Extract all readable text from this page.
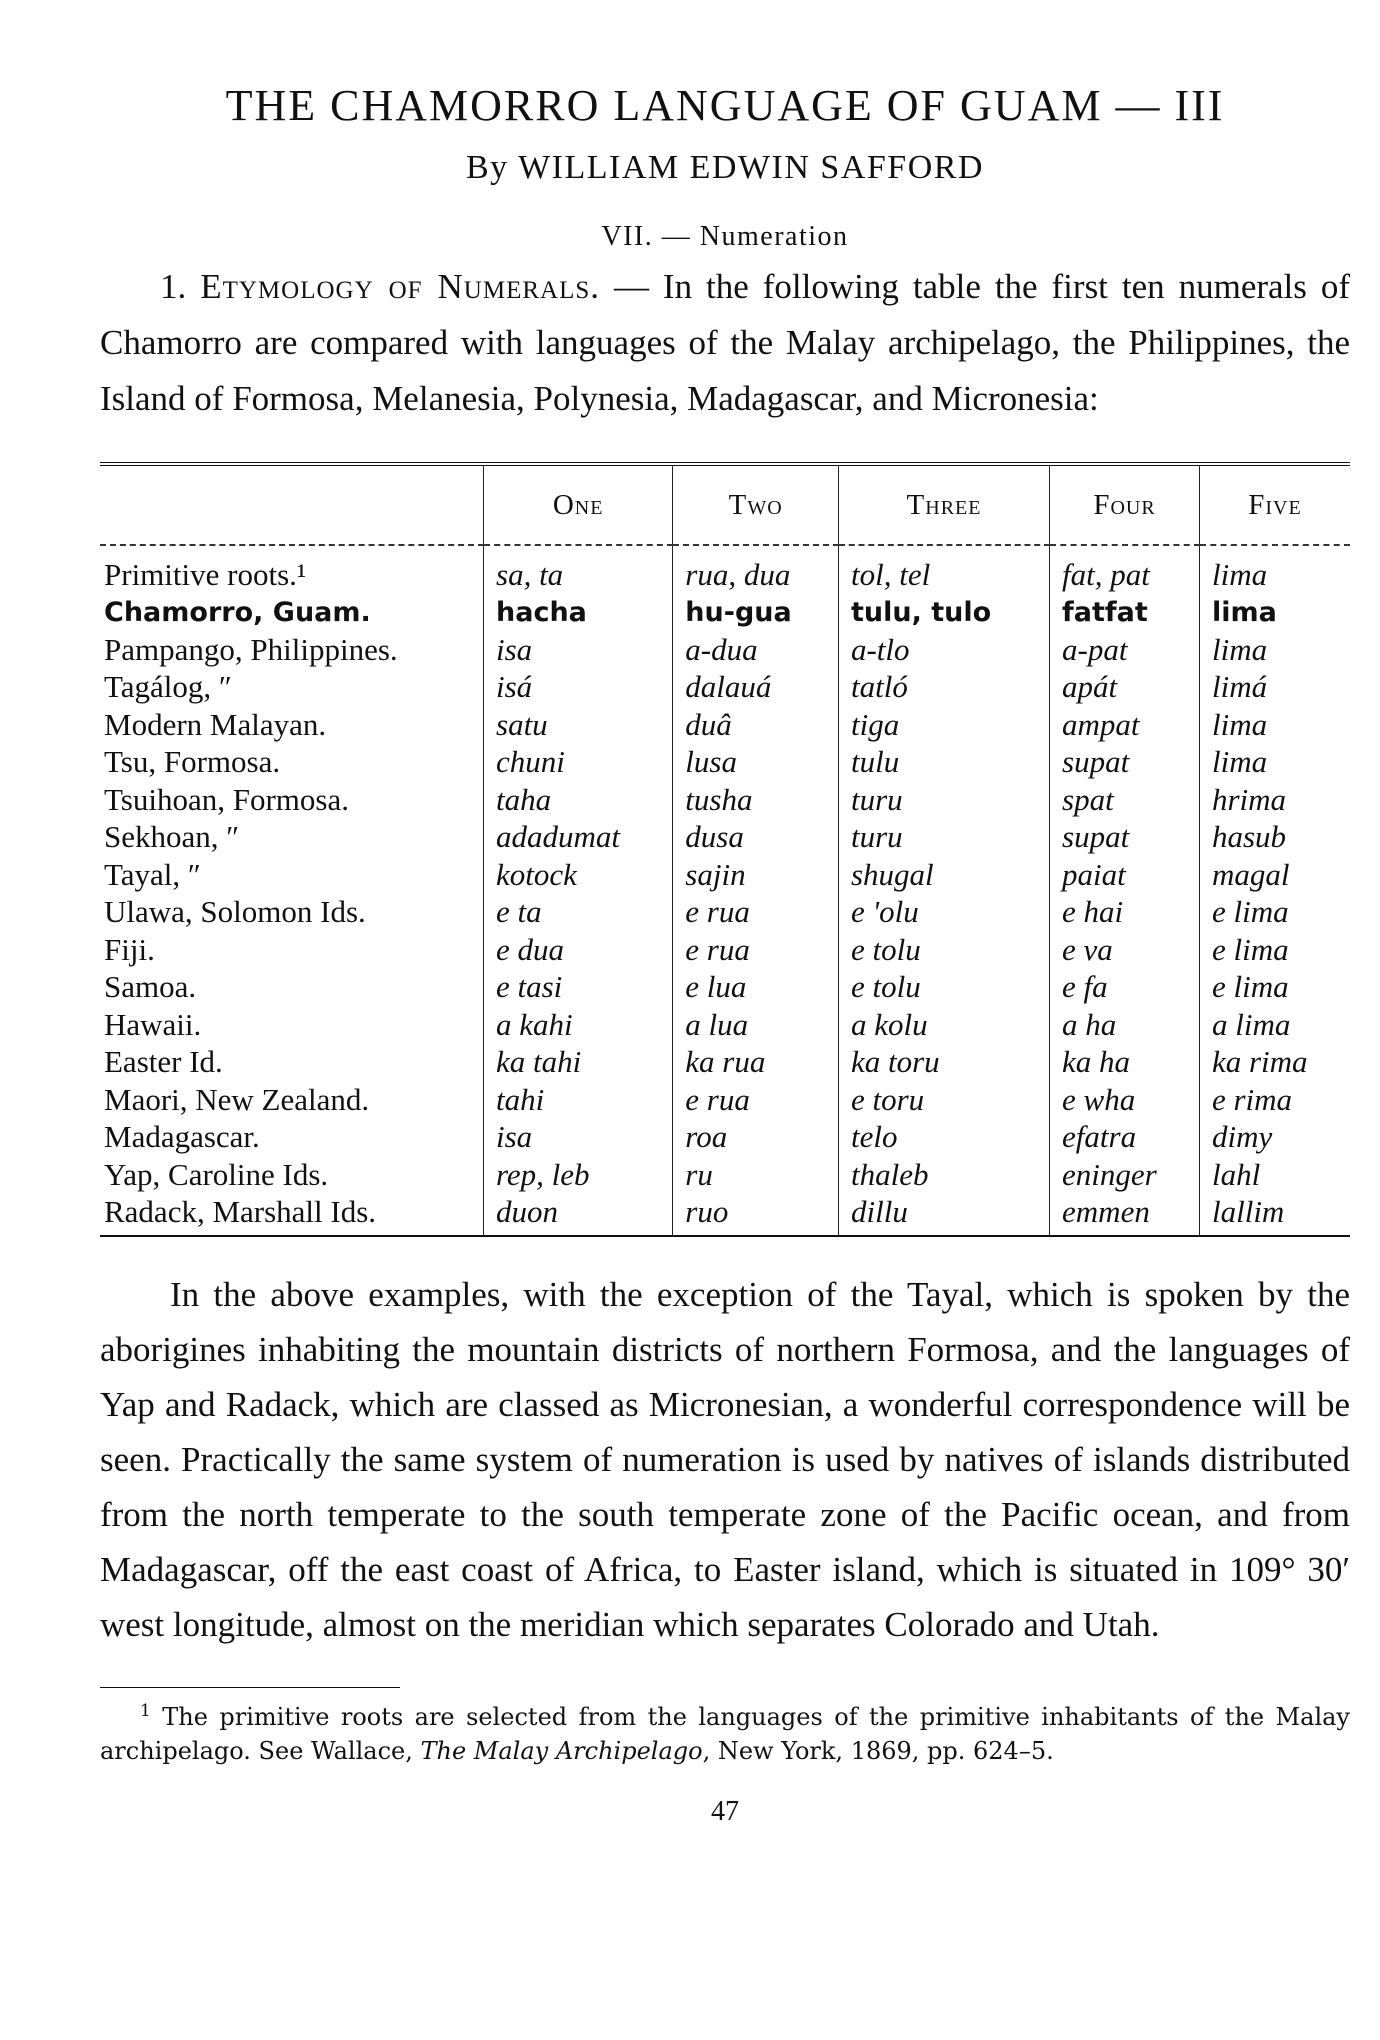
THE CHAMORRO LANGUAGE OF GUAM — III
By WILLIAM EDWIN SAFFORD
VII. — Numeration

1. Etymology of Numerals. — In the following table the first ten numerals of Chamorro are compared with languages of the Malay archipelago, the Philippines, the Island of Formosa, Melanesia, Polynesia, Madagascar, and Micronesia:

	One	Two	Three	Four	Five
Primitive roots.¹	sa, ta	rua, dua	tol, tel	fat, pat	lima
Chamorro, Guam.	hacha	hu-gua	tulu, tulo	fatfat	lima
Pampango, Philippines.	isa	a-dua	a-tlo	a-pat	lima
Tagálog, ″	isá	dalauá	tatló	apát	limá
Modern Malayan.	satu	duâ	tiga	ampat	lima
Tsu, Formosa.	chuni	lusa	tulu	supat	lima
Tsuihoan, Formosa.	taha	tusha	turu	spat	hrima
Sekhoan, ″	adadumat	dusa	turu	supat	hasub
Tayal, ″	kotock	sajin	shugal	paiat	magal
Ulawa, Solomon Ids.	e ta	e rua	e 'olu	e hai	e lima
Fiji.	e dua	e rua	e tolu	e va	e lima
Samoa.	e tasi	e lua	e tolu	e fa	e lima
Hawaii.	a kahi	a lua	a kolu	a ha	a lima
Easter Id.	ka tahi	ka rua	ka toru	ka ha	ka rima
Maori, New Zealand.	tahi	e rua	e toru	e wha	e rima
Madagascar.	isa	roa	telo	efatra	dimy
Yap, Caroline Ids.	rep, leb	ru	thaleb	eninger	lahl
Radack, Marshall Ids.	duon	ruo	dillu	emmen	lallim

In the above examples, with the exception of the Tayal, which is spoken by the aborigines inhabiting the mountain districts of northern Formosa, and the languages of Yap and Radack, which are classed as Micronesian, a wonderful correspondence will be seen. Practically the same system of numeration is used by natives of islands distributed from the north temperate to the south temperate zone of the Pacific ocean, and from Madagascar, off the east coast of Africa, to Easter island, which is situated in 109° 30′ west longitude, almost on the meridian which separates Colorado and Utah.

$^1$ The primitive roots are selected from the languages of the primitive inhabitants of the Malay archipelago. See Wallace, The Malay Archipelago, New York, 1869, pp. 624–5.

47
